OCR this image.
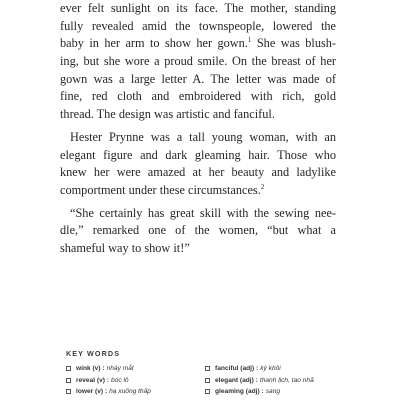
ever felt sunlight on its face. The mother, standing
fully revealed amid the townspeople, lowered the
baby in her arm to show her gown.$^1$ She was blush-
ing, but she wore a proud smile. On the breast of her
gown was a large letter A. The letter was made of
fine, red cloth and embroidered with rich, gold
thread. The design was artistic and fanciful.

Hester Prynne was a tall young woman, with an
elegant figure and dark gleaming hair. Those who
knew her were amazed at her beauty and ladylike
comportment under these circumstances.$^2$

“She certainly has great skill with the sewing nee-
dle,” remarked one of the women, “but what a
shameful way to show it!”

KEY WORDS
wink (v) : nháy mắt
reveal (v) : bóc lô
lower (v) : hạ xuống thấp
fanciful (adj) : kỳ khôi
elegant (adj) : thanh lịch, tao nhã
gleaming (adj) : sang
